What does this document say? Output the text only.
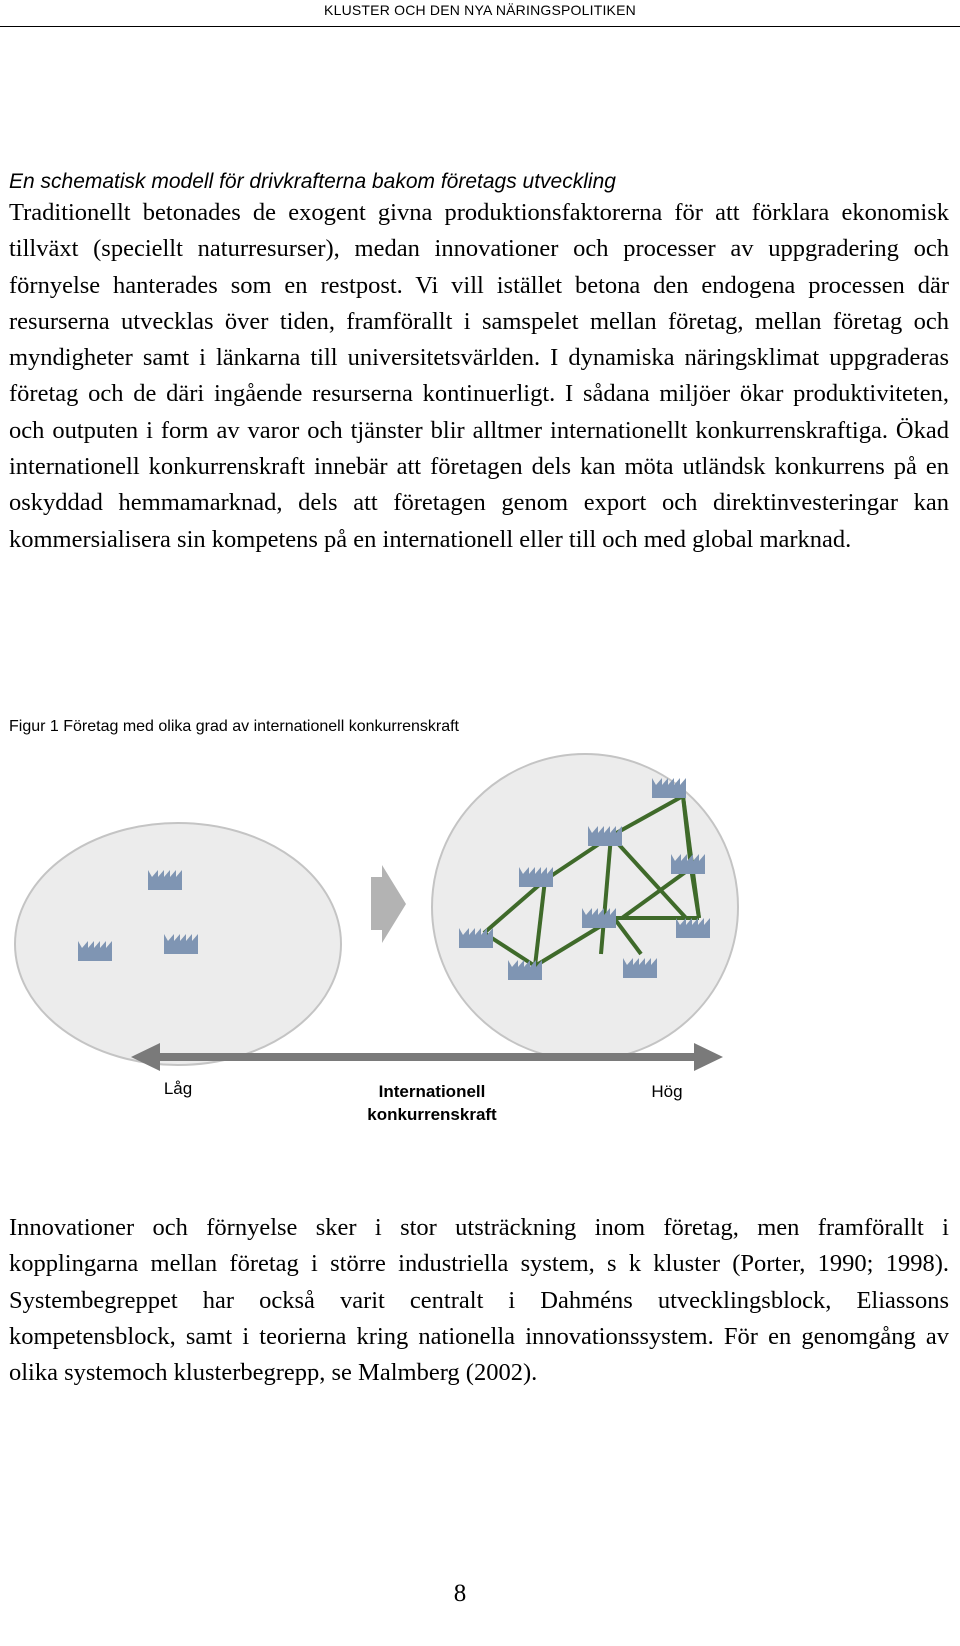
KLUSTER OCH DEN NYA NÄRINGSPOLITIKEN
En schematisk modell för drivkrafterna bakom företags utveckling

Traditionellt betonades de exogent givna produktionsfaktorerna för att förklara ekonomisk tillväxt (speciellt naturresurser), medan innovationer och processer av uppgradering och förnyelse hanterades som en restpost. Vi vill istället betona den endogena processen där resurserna utvecklas över tiden, framförallt i samspelet mellan företag, mellan företag och myndigheter samt i länkarna till universitetsvärlden. I dynamiska näringsklimat uppgraderas företag och de däri ingående resurserna kontinuerligt. I sådana miljöer ökar produktiviteten, och outputen i form av varor och tjänster blir alltmer internationellt konkurrenskraftiga. Ökad internationell konkurrenskraft innebär att företagen dels kan möta utländsk konkurrens på en oskyddad hemmamarknad, dels att företagen genom export och direktinvesteringar kan kommersialisera sin kompetens på en internationell eller till och med global marknad.

Figur 1 Företag med olika grad av internationell konkurrenskraft
Låg	Internationell
konkurrenskraft
Hög

Innovationer och förnyelse sker i stor utsträckning inom företag, men framförallt i kopplingarna mellan företag i större industriella system, s k kluster (Porter, 1990; 1998). Systembegreppet har också varit centralt i Dahméns utvecklingsblock, Eliassons kompetensblock, samt i teorierna kring nationella innovationssystem. För en genomgång av olika systemoch klusterbegrepp, se Malmberg (2002).

8
